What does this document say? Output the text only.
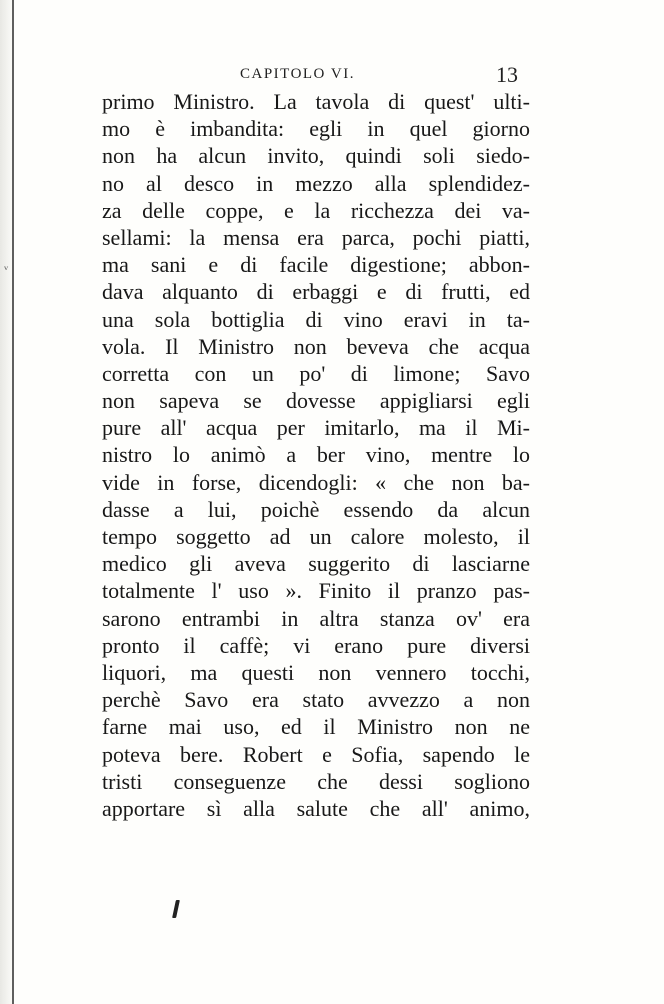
ᵥ
CAPITOLO VI.	13
primo Ministro. La tavola di quest' ulti-
mo è imbandita: egli in quel giorno
non ha alcun invito, quindi soli siedo-
no al desco in mezzo alla splendidez-
za delle coppe, e la ricchezza dei va-
sellami: la mensa era parca, pochi piatti,
ma sani e di facile digestione; abbon-
dava alquanto di erbaggi e di frutti, ed
una sola bottiglia di vino eravi in ta-
vola. Il Ministro non beveva che acqua
corretta con un po' di limone; Savo
non sapeva se dovesse appigliarsi egli
pure all' acqua per imitarlo, ma il Mi-
nistro lo animò a ber vino, mentre lo
vide in forse, dicendogli: « che non ba-
dasse a lui, poichè essendo da alcun
tempo soggetto ad un calore molesto, il
medico gli aveva suggerito di lasciarne
totalmente l' uso ». Finito il pranzo pas-
sarono entrambi in altra stanza ov' era
pronto il caffè; vi erano pure diversi
liquori, ma questi non vennero tocchi,
perchè Savo era stato avvezzo a non
farne mai uso, ed il Ministro non ne
poteva bere. Robert e Sofia, sapendo le
tristi conseguenze che dessi sogliono
apportare sì alla salute che all' animo,
